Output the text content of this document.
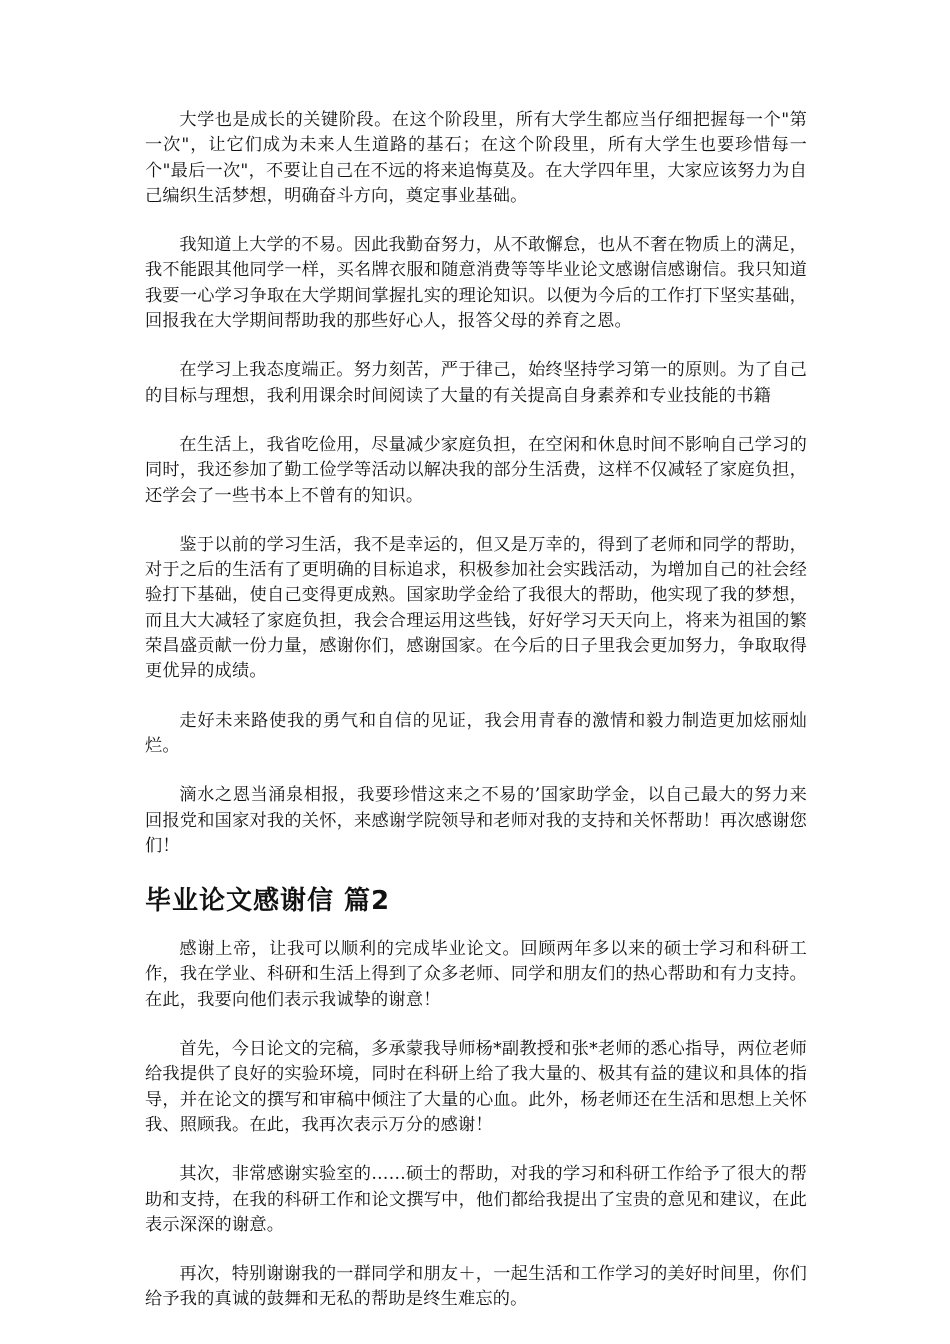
大学也是成长的关键阶段。在这个阶段里，所有大学生都应当仔细把握每一个"第一次"，让它们成为未来人生道路的基石；在这个阶段里，所有大学生也要珍惜每一个"最后一次"，不要让自己在不远的将来追悔莫及。在大学四年里，大家应该努力为自己编织生活梦想，明确奋斗方向，奠定事业基础。

我知道上大学的不易。因此我勤奋努力，从不敢懈怠，也从不奢在物质上的满足，我不能跟其他同学一样，买名牌衣服和随意消费等等毕业论文感谢信感谢信。我只知道我要一心学习争取在大学期间掌握扎实的理论知识。以便为今后的工作打下坚实基础，回报我在大学期间帮助我的那些好心人，报答父母的养育之恩。

在学习上我态度端正。努力刻苦，严于律己，始终坚持学习第一的原则。为了自己的目标与理想，我利用课余时间阅读了大量的有关提高自身素养和专业技能的书籍

在生活上，我省吃俭用，尽量减少家庭负担，在空闲和休息时间不影响自己学习的同时，我还参加了勤工俭学等活动以解决我的部分生活费，这样不仅减轻了家庭负担，还学会了一些书本上不曾有的知识。

鉴于以前的学习生活，我不是幸运的，但又是万幸的，得到了老师和同学的帮助，对于之后的生活有了更明确的目标追求，积极参加社会实践活动，为增加自己的社会经验打下基础，使自己变得更成熟。国家助学金给了我很大的帮助，他实现了我的梦想，而且大大减轻了家庭负担，我会合理运用这些钱，好好学习天天向上，将来为祖国的繁荣昌盛贡献一份力量，感谢你们，感谢国家。在今后的日子里我会更加努力，争取取得更优异的成绩。

走好未来路使我的勇气和自信的见证，我会用青春的激情和毅力制造更加炫丽灿烂。

滴水之恩当涌泉相报，我要珍惜这来之不易的’国家助学金，以自己最大的努力来回报党和国家对我的关怀，来感谢学院领导和老师对我的支持和关怀帮助！再次感谢您们！

毕业论文感谢信 篇2

感谢上帝，让我可以顺利的完成毕业论文。回顾两年多以来的硕士学习和科研工作，我在学业、科研和生活上得到了众多老师、同学和朋友们的热心帮助和有力支持。在此，我要向他们表示我诚挚的谢意！

首先，今日论文的完稿，多承蒙我导师杨*副教授和张*老师的悉心指导，两位老师给我提供了良好的实验环境，同时在科研上给了我大量的、极其有益的建议和具体的指导，并在论文的撰写和审稿中倾注了大量的心血。此外，杨老师还在生活和思想上关怀我、照顾我。在此，我再次表示万分的感谢！

其次，非常感谢实验室的……硕士的帮助，对我的学习和科研工作给予了很大的帮助和支持，在我的科研工作和论文撰写中，他们都给我提出了宝贵的意见和建议，在此表示深深的谢意。

再次，特别谢谢我的一群同学和朋友＋，一起生活和工作学习的美好时间里，你们给予我的真诚的鼓舞和无私的帮助是终生难忘的。
